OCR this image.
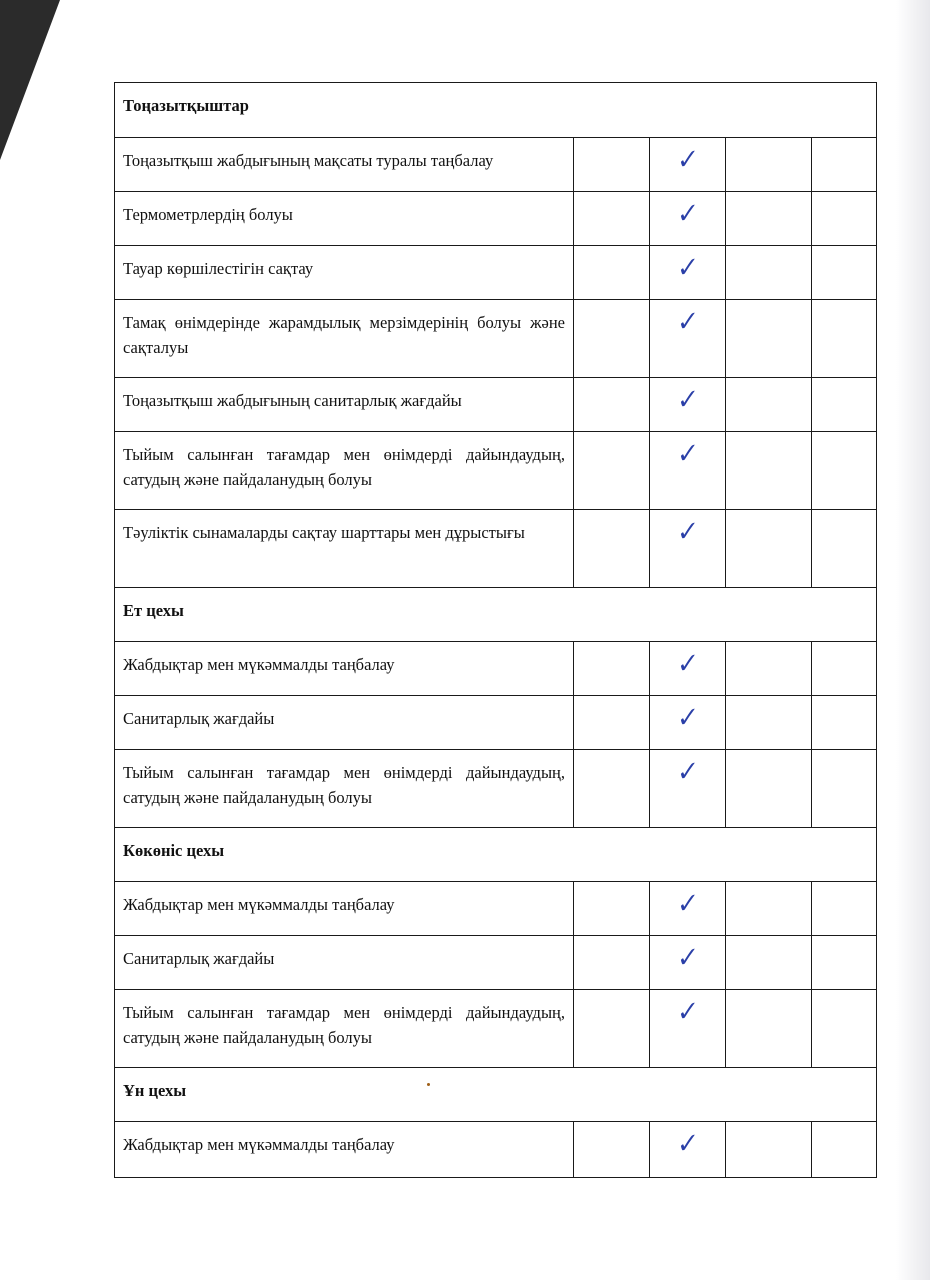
Тоңазытқыштар				
Тоңазытқыш жабдығының мақсаты туралы таңбалау		✓		
Термометрлердің болуы		✓		
Тауар көршілестігін сақтау		✓		
Тамақ өнімдерінде жарамдылық мерзімдерінің болуы және сақталуы		✓		
Тоңазытқыш жабдығының санитарлық жағдайы		✓		
Тыйым салынған тағамдар мен өнімдерді дайындаудың, сатудың және пайдаланудың болуы		✓		
Тәуліктік сынамаларды сақтау шарттары мен дұрыстығы		✓		
Ет цехы				
Жабдықтар мен мүкәммалды таңбалау		✓		
Санитарлық жағдайы		✓		
Тыйым салынған тағамдар мен өнімдерді дайындаудың, сатудың және пайдаланудың болуы		✓		
Көкөніс цехы				
Жабдықтар мен мүкәммалды таңбалау		✓		
Санитарлық жағдайы		✓		
Тыйым салынған тағамдар мен өнімдерді дайындаудың, сатудың және пайдаланудың болуы		✓		
Ұн цехы				
Жабдықтар мен мүкәммалды таңбалау		✓		
